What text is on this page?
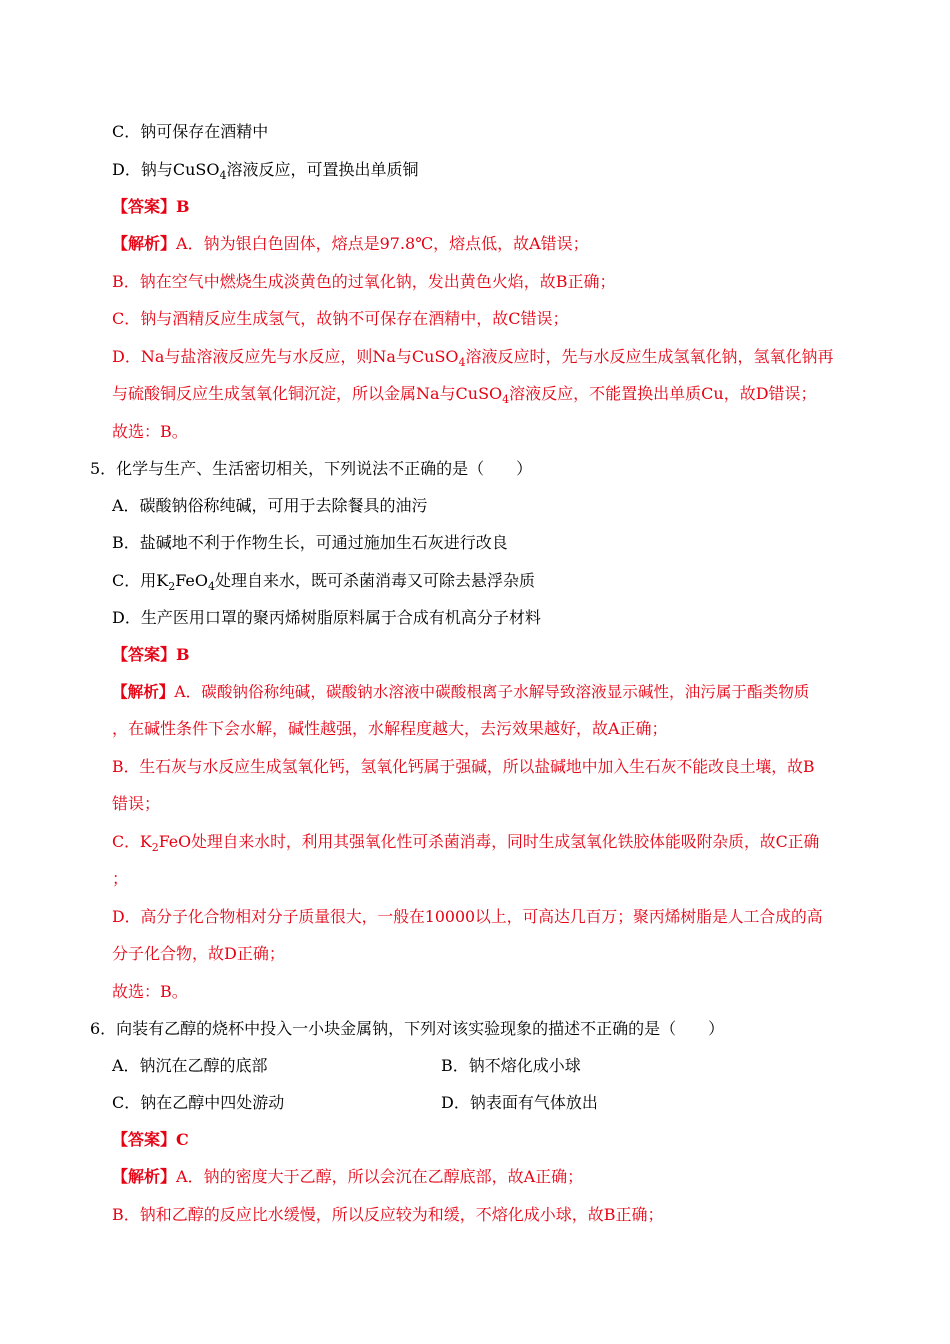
C．钠可保存在酒精中
D．钠与CuSO$_4$溶液反应，可置换出单质铜
【答案】B
【解析】A．钠为银白色固体，熔点是97.8℃，熔点低，故A错误；
B．钠在空气中燃烧生成淡黄色的过氧化钠，发出黄色火焰，故B正确；
C．钠与酒精反应生成氢气，故钠不可保存在酒精中，故C错误；
D．Na与盐溶液反应先与水反应，则Na与CuSO$_4$溶液反应时，先与水反应生成氢氧化钠，氢氧化钠再
与硫酸铜反应生成氢氧化铜沉淀，所以金属Na与CuSO$_4$溶液反应，不能置换出单质Cu，故D错误；
故选：B。
5．化学与生产、生活密切相关，下列说法不正确的是（　　）
A．碳酸钠俗称纯碱，可用于去除餐具的油污
B．盐碱地不利于作物生长，可通过施加生石灰进行改良
C．用$K_2FeO_4$处理自来水，既可杀菌消毒又可除去悬浮杂质
D．生产医用口罩的聚丙烯树脂原料属于合成有机高分子材料
【答案】B
【解析】A．碳酸钠俗称纯碱，碳酸钠水溶液中碳酸根离子水解导致溶液显示碱性，油污属于酯类物质
，在碱性条件下会水解，碱性越强，水解程度越大，去污效果越好，故A正确；
B．生石灰与水反应生成氢氧化钙，氢氧化钙属于强碱，所以盐碱地中加入生石灰不能改良土壤，故B
错误；
C．$K_2FeO$处理自来水时，利用其强氧化性可杀菌消毒，同时生成氢氧化铁胶体能吸附杂质，故C正确
；
D．高分子化合物相对分子质量很大，一般在10000以上，可高达几百万；聚丙烯树脂是人工合成的高
分子化合物，故D正确；
故选：B。
6．向装有乙醇的烧杯中投入一小块金属钠，下列对该实验现象的描述不正确的是（　　）
A．钠沉在乙醇的底部	B．钠不熔化成小球
C．钠在乙醇中四处游动	D．钠表面有气体放出
【答案】C
【解析】A．钠的密度大于乙醇，所以会沉在乙醇底部，故A正确；
B．钠和乙醇的反应比水缓慢，所以反应较为和缓，不熔化成小球，故B正确；
